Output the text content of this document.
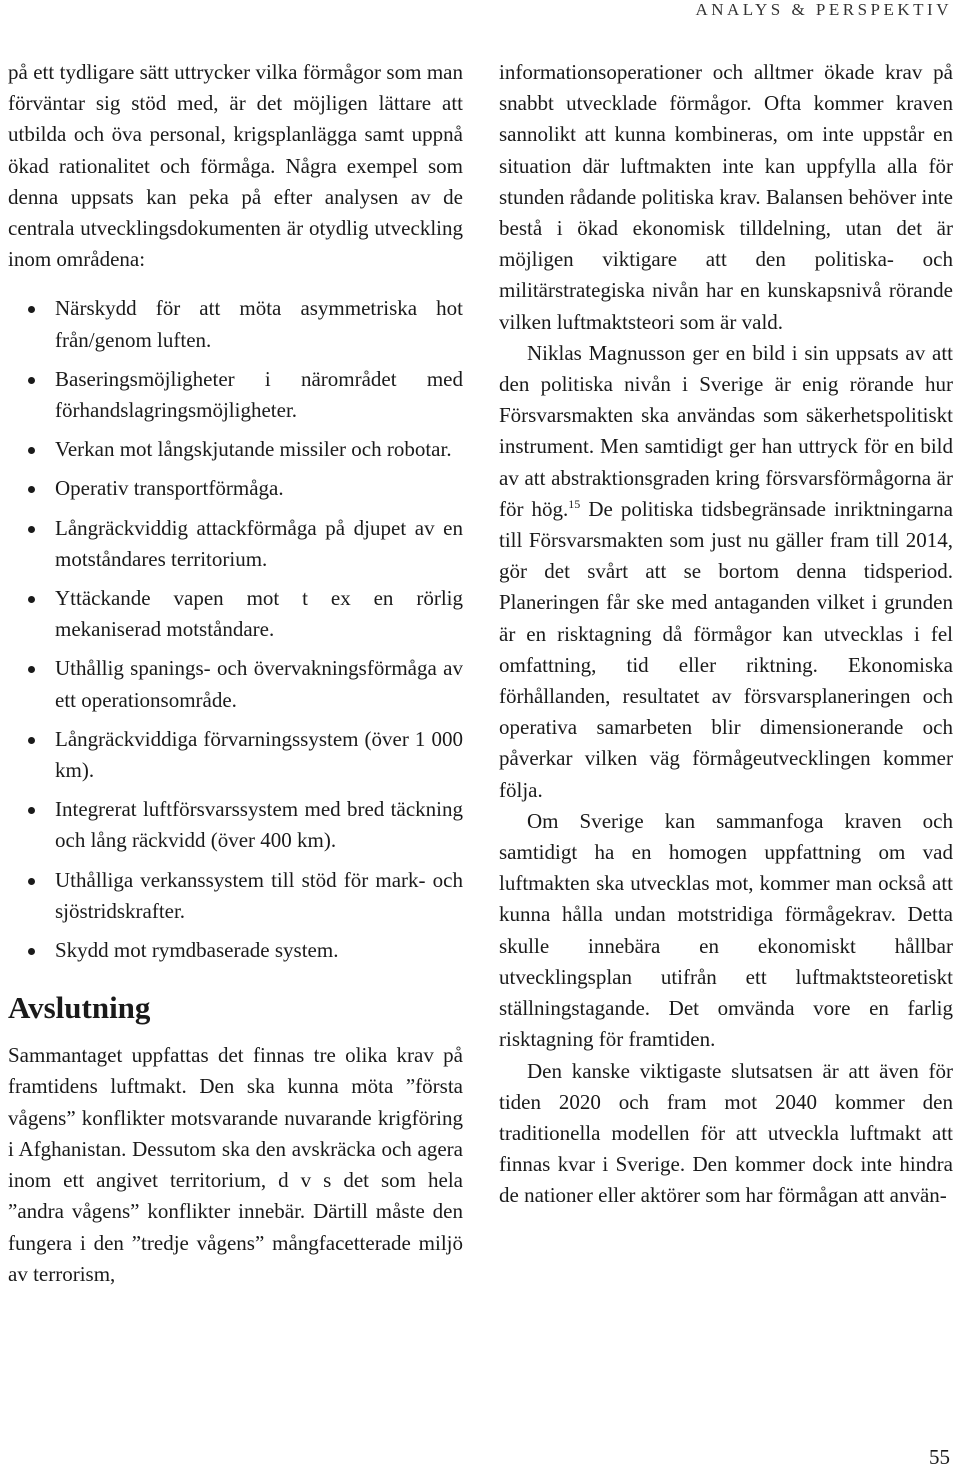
ANALYS & PERSPEKTIV

på ett tydligare sätt uttrycker vilka förmågor som man förväntar sig stöd med, är det möjligen lättare att utbilda och öva personal, krigsplanlägga samt uppnå ökad rationalitet och förmåga. Några exempel som denna uppsats kan peka på efter analysen av de centrala utvecklingsdokumenten är otydlig utveckling inom områdena:

Närskydd för att möta asymmetriska hot från/genom luften.
Baseringsmöjligheter i närområdet med förhandslagringsmöjligheter.
Verkan mot långskjutande missiler och robotar.
Operativ transportförmåga.
Långräckviddig attackförmåga på djupet av en motståndares territorium.
Yttäckande vapen mot t ex en rörlig mekaniserad motståndare.
Uthållig spanings- och övervakningsförmåga av ett operationsområde.
Långräckviddiga förvarningssystem (över 1 000 km).
Integrerat luftförsvarssystem med bred täckning och lång räckvidd (över 400 km).
Uthålliga verkanssystem till stöd för mark- och sjöstridskrafter.
Skydd mot rymdbaserade system.
Avslutning

Sammantaget uppfattas det finnas tre olika krav på framtidens luftmakt. Den ska kunna möta ”första vågens” konflikter motsvarande nuvarande krigföring i Afghanistan. Dessutom ska den avskräcka och agera inom ett angivet territorium, d v s det som hela ”andra vågens” konflikter innebär. Därtill måste den fungera i den ”tredje vågens” mångfacetterade miljö av terrorism,

informationsoperationer och alltmer ökade krav på snabbt utvecklade förmågor. Ofta kommer kraven sannolikt att kunna kombineras, om inte uppstår en situation där luftmakten inte kan uppfylla alla för stunden rådande politiska krav. Balansen behöver inte bestå i ökad ekonomisk tilldelning, utan det är möjligen viktigare att den politiska- och militärstrategiska nivån har en kunskapsnivå rörande vilken luftmaktsteori som är vald.

Niklas Magnusson ger en bild i sin uppsats av att den politiska nivån i Sverige är enig rörande hur Försvarsmakten ska användas som säkerhetspolitiskt instrument. Men samtidigt ger han uttryck för en bild av att abstraktionsgraden kring försvarsförmågorna är för hög.$^{15}$ De politiska tidsbegränsade inriktningarna till Försvarsmakten som just nu gäller fram till 2014, gör det svårt att se bortom denna tidsperiod. Planeringen får ske med antaganden vilket i grunden är en risktagning då förmågor kan utvecklas i fel omfattning, tid eller riktning. Ekonomiska förhållanden, resultatet av försvarsplaneringen och operativa samarbeten blir dimensionerande och påverkar vilken väg förmågeutvecklingen kommer följa.

Om Sverige kan sammanfoga kraven och samtidigt ha en homogen uppfattning om vad luftmakten ska utvecklas mot, kommer man också att kunna hålla undan motstridiga förmågekrav. Detta skulle innebära en ekonomiskt hållbar utvecklingsplan utifrån ett luftmaktsteoretiskt ställningstagande. Det omvända vore en farlig risktagning för framtiden.

Den kanske viktigaste slutsatsen är att även för tiden 2020 och fram mot 2040 kommer den traditionella modellen för att utveckla luftmakt att finnas kvar i Sverige. Den kommer dock inte hindra de nationer eller aktörer som har förmågan att använ-

55
